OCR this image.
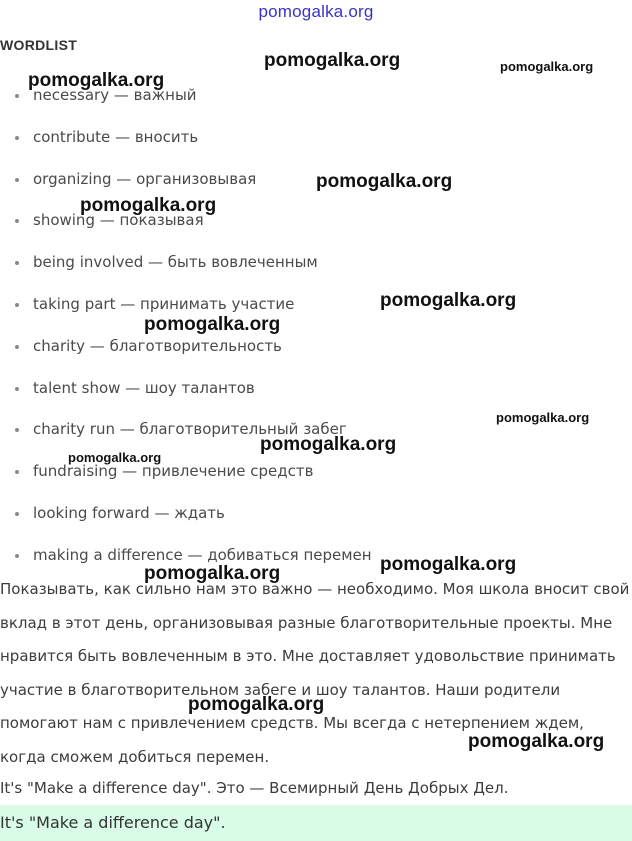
pomogalka.org
WORDLIST
necessary — важный
contribute — вносить
organizing — организовывая
showing — показывая
being involved — быть вовлеченным
taking part — принимать участие
charity — благотворительность
talent show — шоу талантов
charity run — благотворительный забег
fundraising — привлечение средств
looking forward — ждать
making a difference — добиваться перемен

Показывать, как сильно нам это важно — необходимо. Моя школа вносит свой
вклад в этот день, организовывая разные благотворительные проекты. Мне
нравится быть вовлеченным в это. Мне доставляет удовольствие принимать
участие в благотворительном забеге и шоу талантов. Наши родители
помогают нам с привлечением средств. Мы всегда с нетерпением ждем,
когда сможем добиться перемен.

It's "Make a difference day". Это — Всемирный День Добрых Дел.
It's "Make a difference day".
pomogalka.org
pomogalka.org	pomogalka.org
pomogalka.org
pomogalka.org
pomogalka.org
pomogalka.org
pomogalka.org
pomogalka.org
pomogalka.org
pomogalka.org
pomogalka.org
pomogalka.org
pomogalka.org
